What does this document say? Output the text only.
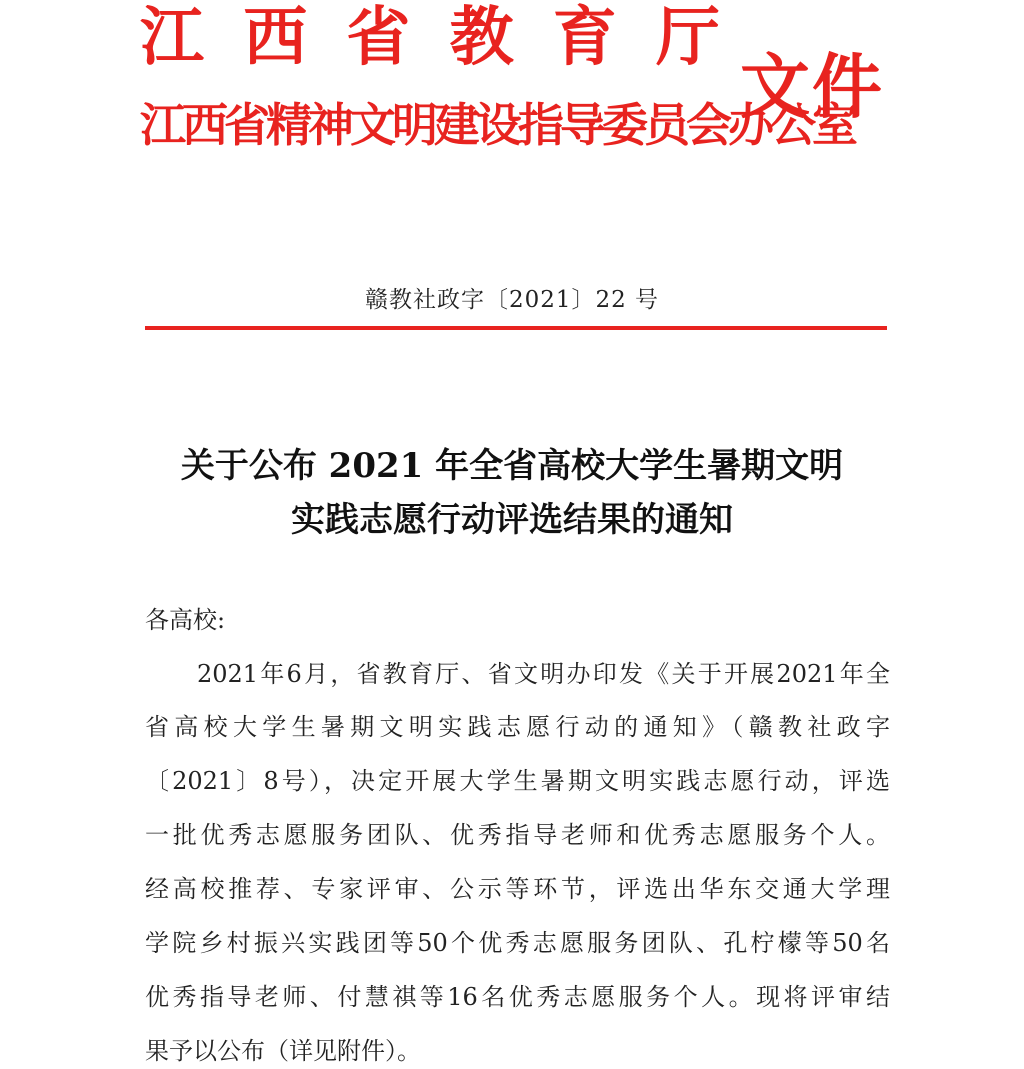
江 西 省 教 育 厅
江西省精神文明建设指导委员会办公室
文件
赣教社政字〔2021〕22 号
关于公布 2021 年全省高校大学生暑期文明
实践志愿行动评选结果的通知
各高校:
2021年6月，省教育厅、省文明办印发《关于开展2021年全
省高校大学生暑期文明实践志愿行动的通知》（赣教社政字
〔2021〕8号），决定开展大学生暑期文明实践志愿行动，评选
一批优秀志愿服务团队、优秀指导老师和优秀志愿服务个人。
经高校推荐、专家评审、公示等环节，评选出华东交通大学理
学院乡村振兴实践团等50个优秀志愿服务团队、孔柠檬等50名
优秀指导老师、付慧祺等16名优秀志愿服务个人。现将评审结
果予以公布（详见附件）。
